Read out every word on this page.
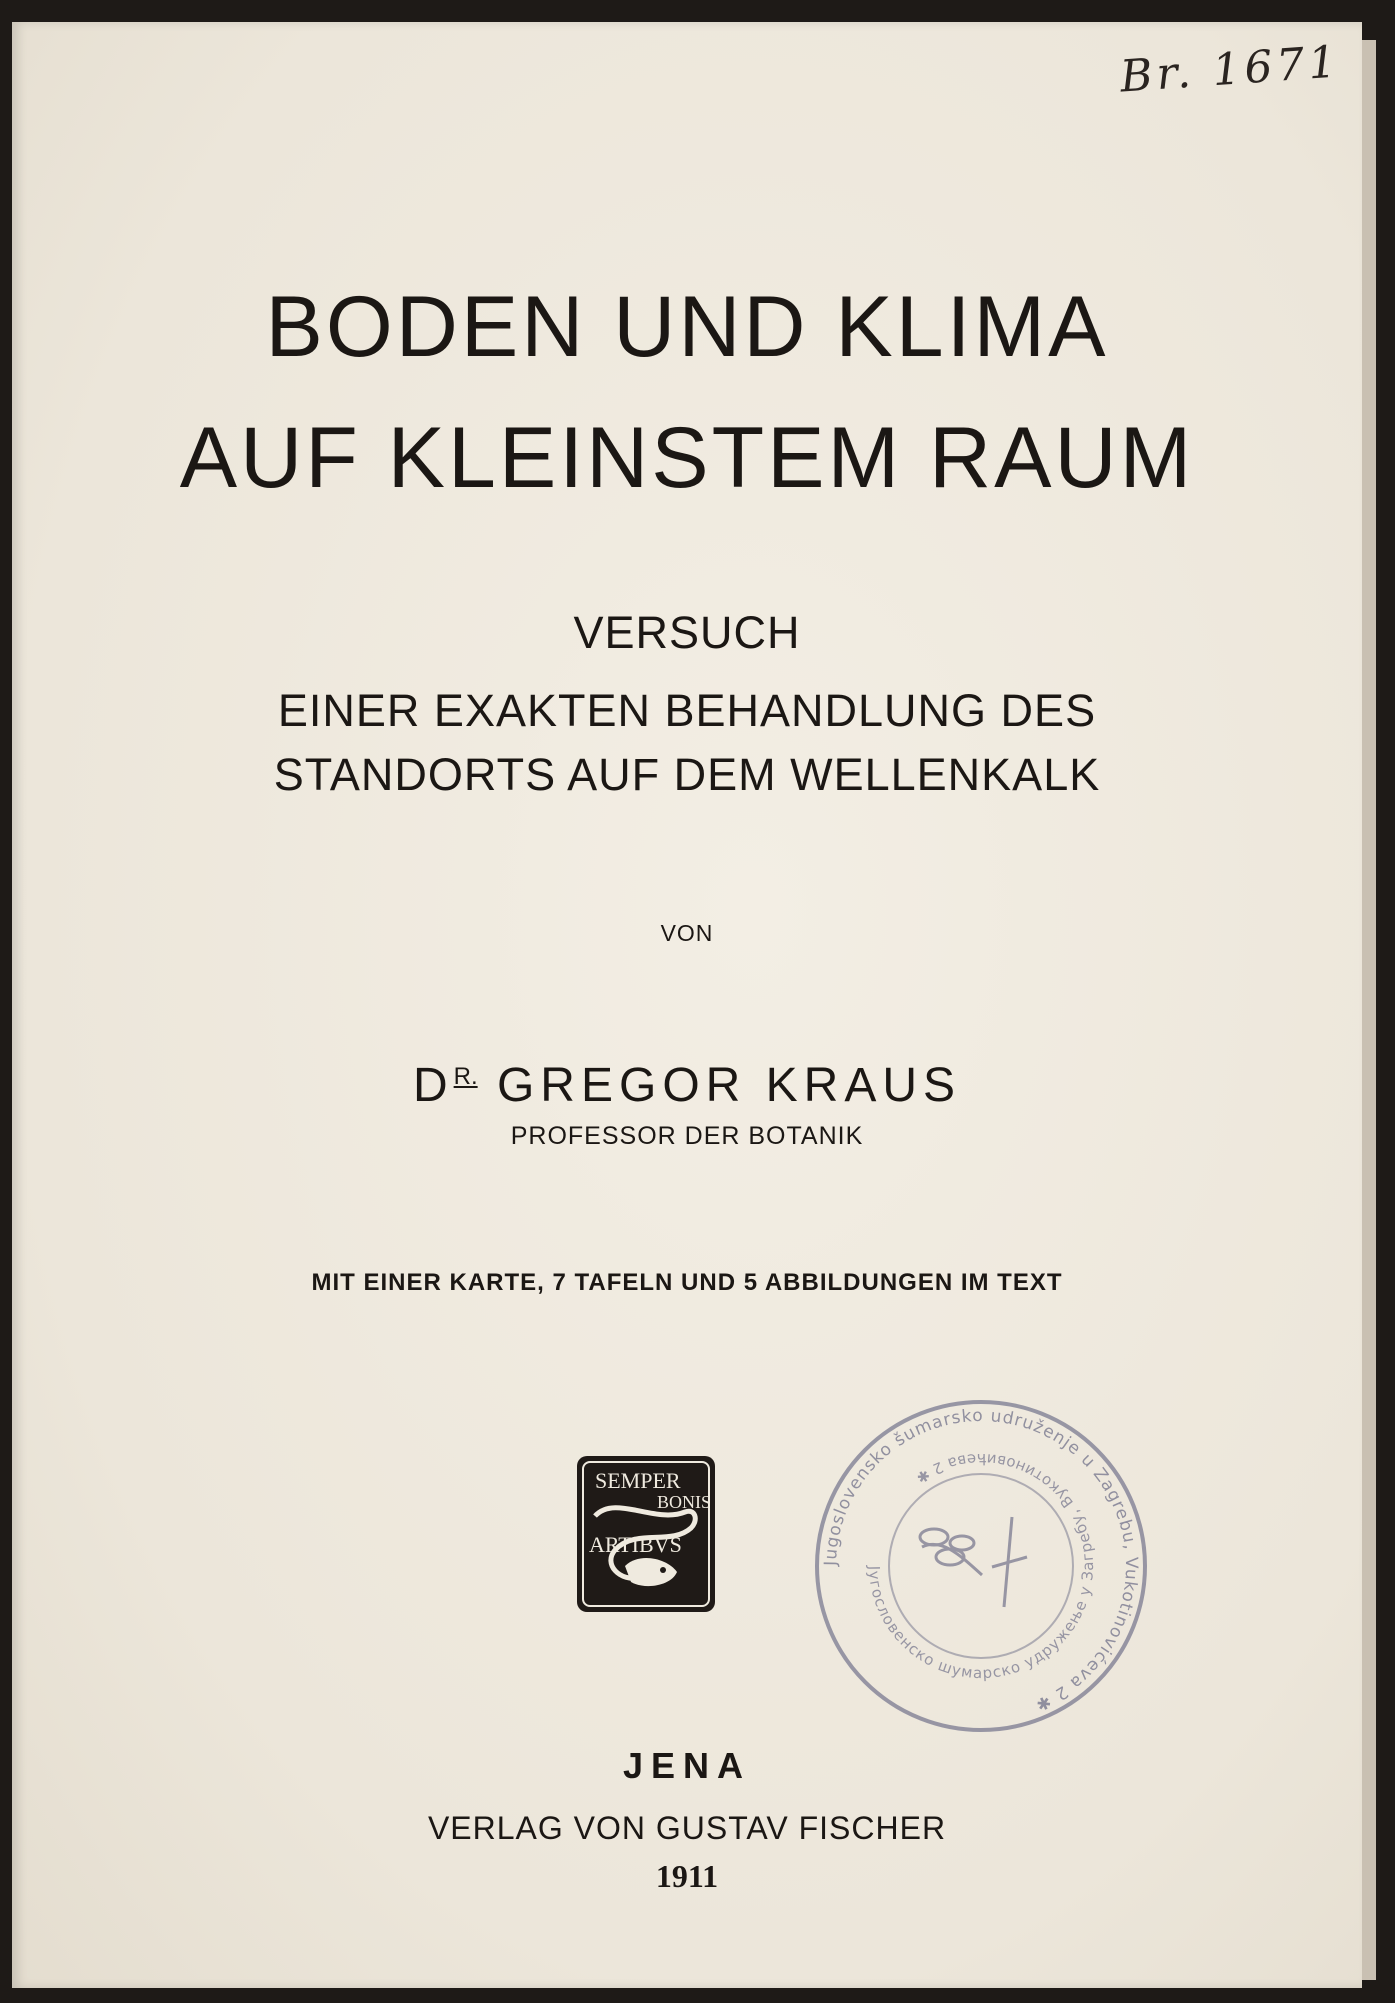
Br. 1671
BODEN UND KLIMA
AUF KLEINSTEM RAUM
VERSUCH
EINER EXAKTEN BEHANDLUNG DES
STANDORTS AUF DEM WELLENKALK
VON
$D^{R.}$ GREGOR KRAUS
PROFESSOR DER BOTANIK
MIT EINER KARTE, 7 TAFELN UND 5 ABBILDUNGEN IM TEXT
SEMPER
BONIS
ARTIBVS
Jugoslovensko šumarsko udruženje u Zagrebu, Vukotinovićeva 2 ✱
Југословенско шумарско удружење у Загребу, Вукотиновићева 2 ✱
JENA
VERLAG VON GUSTAV FISCHER
1911
